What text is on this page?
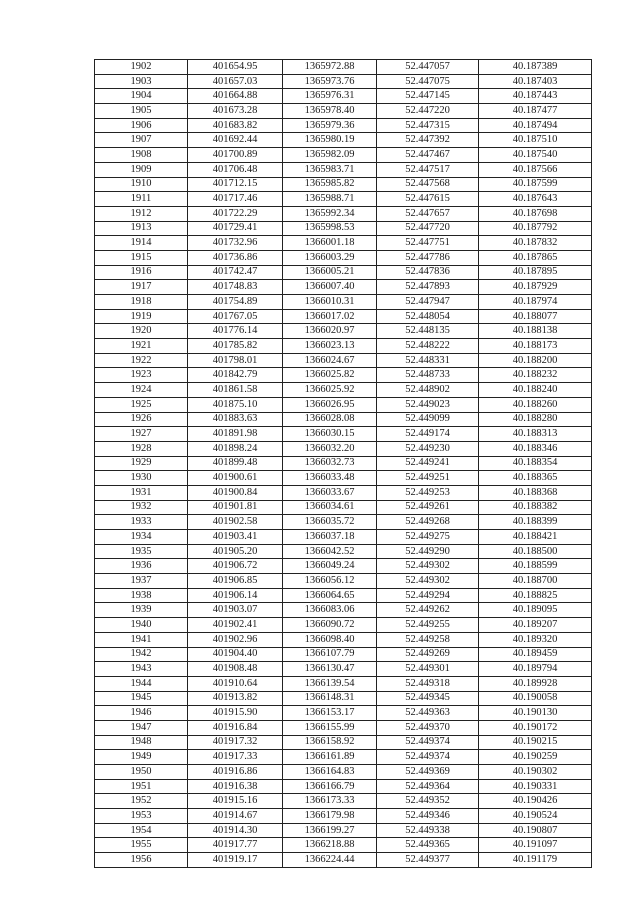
1902	401654.95	1365972.88	52.447057	40.187389
1903	401657.03	1365973.76	52.447075	40.187403
1904	401664.88	1365976.31	52.447145	40.187443
1905	401673.28	1365978.40	52.447220	40.187477
1906	401683.82	1365979.36	52.447315	40.187494
1907	401692.44	1365980.19	52.447392	40.187510
1908	401700.89	1365982.09	52.447467	40.187540
1909	401706.48	1365983.71	52.447517	40.187566
1910	401712.15	1365985.82	52.447568	40.187599
1911	401717.46	1365988.71	52.447615	40.187643
1912	401722.29	1365992.34	52.447657	40.187698
1913	401729.41	1365998.53	52.447720	40.187792
1914	401732.96	1366001.18	52.447751	40.187832
1915	401736.86	1366003.29	52.447786	40.187865
1916	401742.47	1366005.21	52.447836	40.187895
1917	401748.83	1366007.40	52.447893	40.187929
1918	401754.89	1366010.31	52.447947	40.187974
1919	401767.05	1366017.02	52.448054	40.188077
1920	401776.14	1366020.97	52.448135	40.188138
1921	401785.82	1366023.13	52.448222	40.188173
1922	401798.01	1366024.67	52.448331	40.188200
1923	401842.79	1366025.82	52.448733	40.188232
1924	401861.58	1366025.92	52.448902	40.188240
1925	401875.10	1366026.95	52.449023	40.188260
1926	401883.63	1366028.08	52.449099	40.188280
1927	401891.98	1366030.15	52.449174	40.188313
1928	401898.24	1366032.20	52.449230	40.188346
1929	401899.48	1366032.73	52.449241	40.188354
1930	401900.61	1366033.48	52.449251	40.188365
1931	401900.84	1366033.67	52.449253	40.188368
1932	401901.81	1366034.61	52.449261	40.188382
1933	401902.58	1366035.72	52.449268	40.188399
1934	401903.41	1366037.18	52.449275	40.188421
1935	401905.20	1366042.52	52.449290	40.188500
1936	401906.72	1366049.24	52.449302	40.188599
1937	401906.85	1366056.12	52.449302	40.188700
1938	401906.14	1366064.65	52.449294	40.188825
1939	401903.07	1366083.06	52.449262	40.189095
1940	401902.41	1366090.72	52.449255	40.189207
1941	401902.96	1366098.40	52.449258	40.189320
1942	401904.40	1366107.79	52.449269	40.189459
1943	401908.48	1366130.47	52.449301	40.189794
1944	401910.64	1366139.54	52.449318	40.189928
1945	401913.82	1366148.31	52.449345	40.190058
1946	401915.90	1366153.17	52.449363	40.190130
1947	401916.84	1366155.99	52.449370	40.190172
1948	401917.32	1366158.92	52.449374	40.190215
1949	401917.33	1366161.89	52.449374	40.190259
1950	401916.86	1366164.83	52.449369	40.190302
1951	401916.38	1366166.79	52.449364	40.190331
1952	401915.16	1366173.33	52.449352	40.190426
1953	401914.67	1366179.98	52.449346	40.190524
1954	401914.30	1366199.27	52.449338	40.190807
1955	401917.77	1366218.88	52.449365	40.191097
1956	401919.17	1366224.44	52.449377	40.191179
